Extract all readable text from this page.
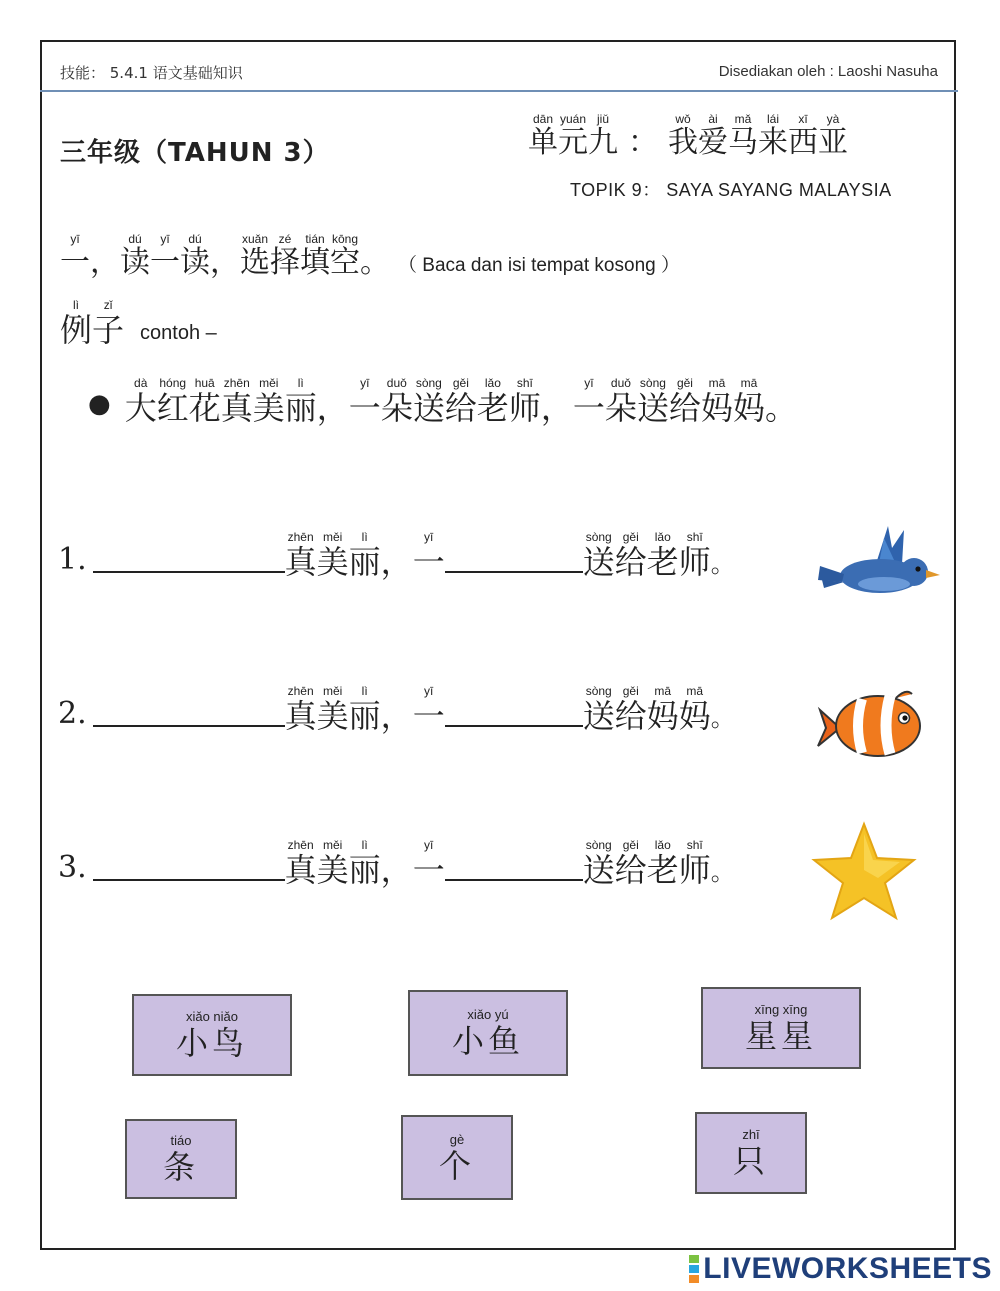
技能： 5.4.1 语文基础知识	Disediakan oleh : Laoshi Nasuha
三年级（TAHUN 3）
dān
单
yuán
元
jiǔ
九 ：
wǒ
我
ài
爱
mǎ
马
lái
来
xī
西
yà
亚
TOPIK 9： SAYA SAYANG MALAYSIA
yī
一 ，
dú
读
yī
一
dú
读 ，
xuǎn
选
zé
择
tián
填
kōng
空 。 （ Baca dan isi tempat kosong ）
lì
例
zǐ
子 contoh –
●
dà
大
hóng
红
huā
花
zhēn
真
měi
美
lì
丽 ，
yī
一
duǒ
朵
sòng
送
gěi
给
lǎo
老
shī
师 ，
yī
一
duǒ
朵
sòng
送
gěi
给
mā
妈
mā
妈 。
1.
zhēn
真
měi
美
lì
丽 ，
yī
一
sòng
送
gěi
给
lǎo
老
shī
师 。
2.
zhēn
真
měi
美
lì
丽 ，
yī
一
sòng
送
gěi
给
mā
妈
mā
妈 。
3.
zhēn
真
měi
美
lì
丽 ，
yī
一
sòng
送
gěi
给
lǎo
老
shī
师 。
xiǎo niǎo
小鸟
xiǎo yú
小鱼
xīng xīng
星星
tiáo
条
gè
个
zhī
只
LIVEWORKSHEETS
